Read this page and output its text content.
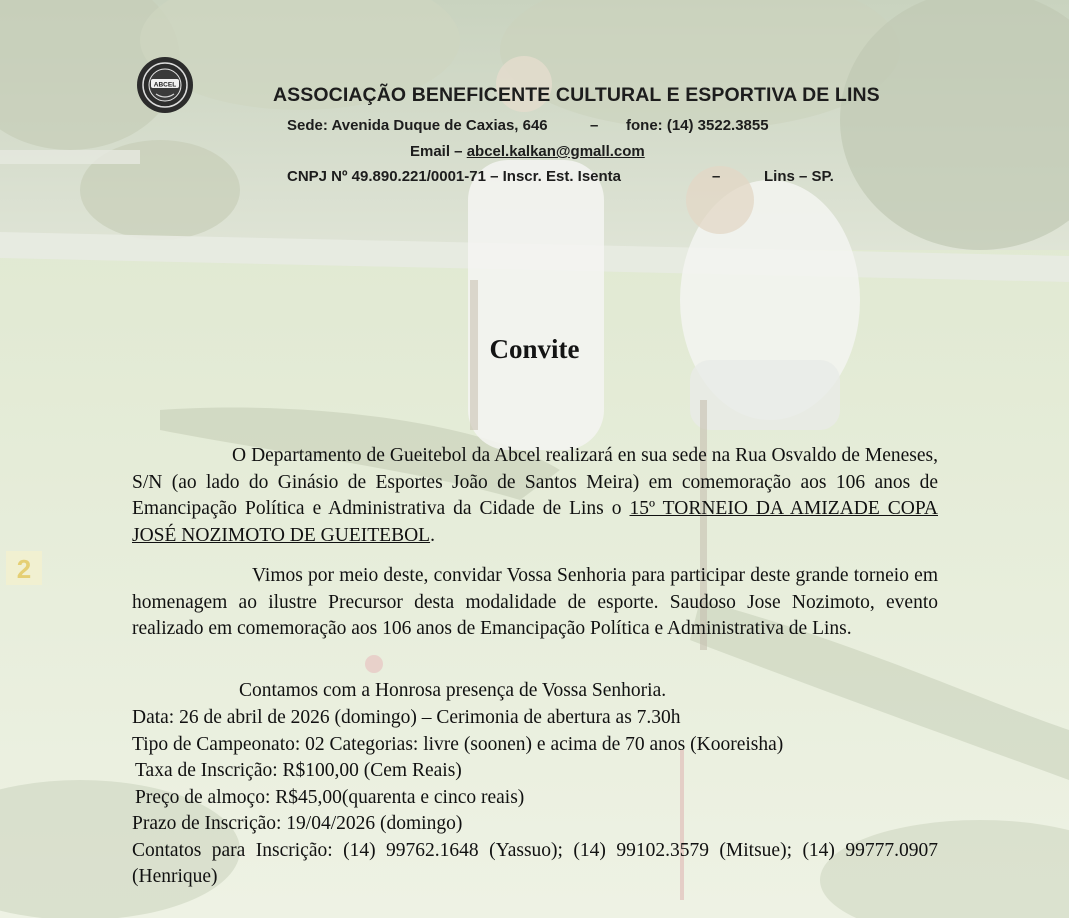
2
ABCEL	ASSOCIAÇÃO BENEFICENTE CULTURAL E ESPORTIVA DE LINS
Sede: Avenida Duque de Caxias, 646	– fone: (14) 3522.3855
Email – abcel.kalkan@gmall.com
CNPJ Nº 49.890.221/0001-71 – Inscr. Est. Isenta	–	Lins – SP.
Convite

O Departamento de Gueitebol da Abcel realizará en sua sede na Rua Osvaldo de Meneses, S/N (ao lado do Ginásio de Esportes João de Santos Meira) em comemoração aos 106 anos de Emancipação Política e Administrativa da Cidade de Lins o 15º TORNEIO DA AMIZADE COPA JOSÉ NOZIMOTO DE GUEITEBOL.

Vimos por meio deste, convidar Vossa Senhoria para participar deste grande torneio em homenagem ao ilustre Precursor desta modalidade de esporte. Saudoso Jose Nozimoto, evento realizado em comemoração aos 106 anos de Emancipação Política e Administrativa de Lins.

Contamos com a Honrosa presença de Vossa Senhoria.

Data: 26 de abril de 2026 (domingo) – Cerimonia de abertura as 7.30h
Tipo de Campeonato: 02 Categorias: livre (soonen) e acima de 70 anos (Kooreisha)
Taxa de Inscrição: R$100,00 (Cem Reais)
Preço de almoço: R$45,00(quarenta e cinco reais)
Prazo de Inscrição: 19/04/2026 (domingo)

Contatos para Inscrição: (14) 99762.1648 (Yassuo); (14) 99102.3579 (Mitsue); (14) 99777.0907 (Henrique)
